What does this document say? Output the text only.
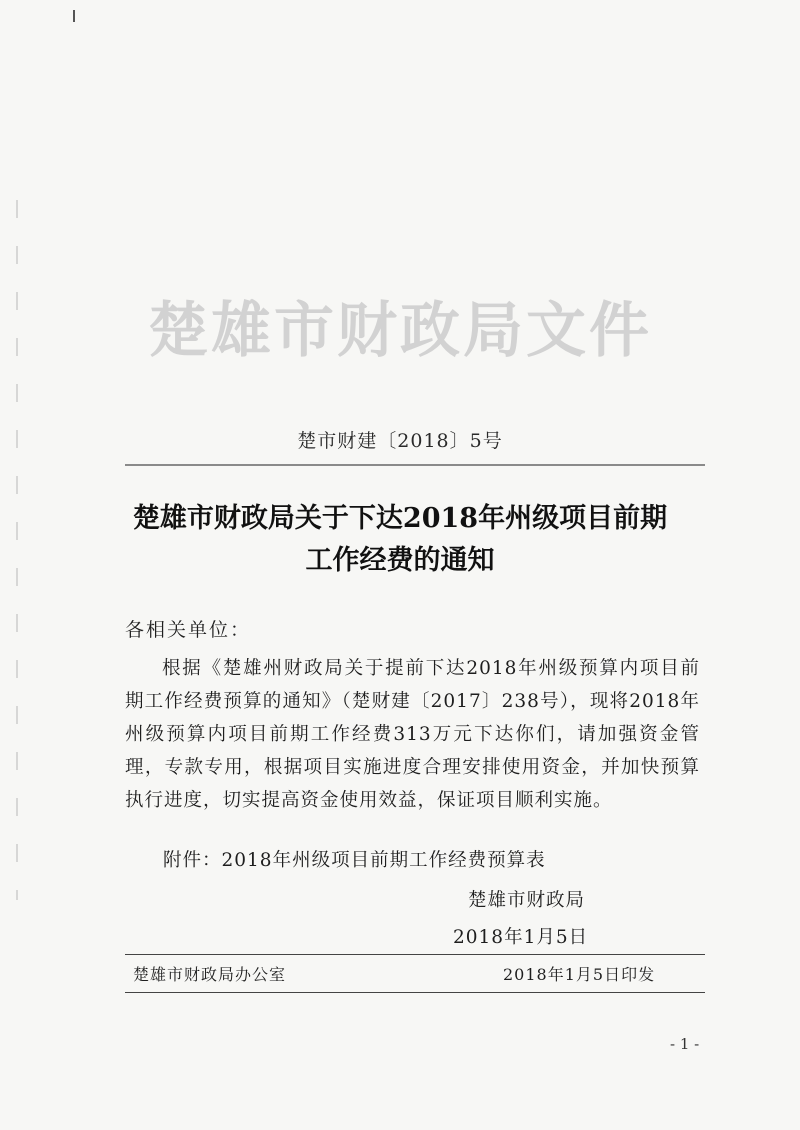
楚雄市财政局文件
楚市财建〔2018〕5号
楚雄市财政局关于下达2018年州级项目前期
工作经费的通知
各相关单位：
根据《楚雄州财政局关于提前下达2018年州级预算内项目前期工作经费预算的通知》（楚财建〔2017〕238号），现将2018年州级预算内项目前期工作经费313万元下达你们，请加强资金管理，专款专用，根据项目实施进度合理安排使用资金，并加快预算执行进度，切实提高资金使用效益，保证项目顺利实施。
附件：2018年州级项目前期工作经费预算表
楚雄市财政局
2018年1月5日
楚雄市财政局办公室	2018年1月5日印发
- 1 -
